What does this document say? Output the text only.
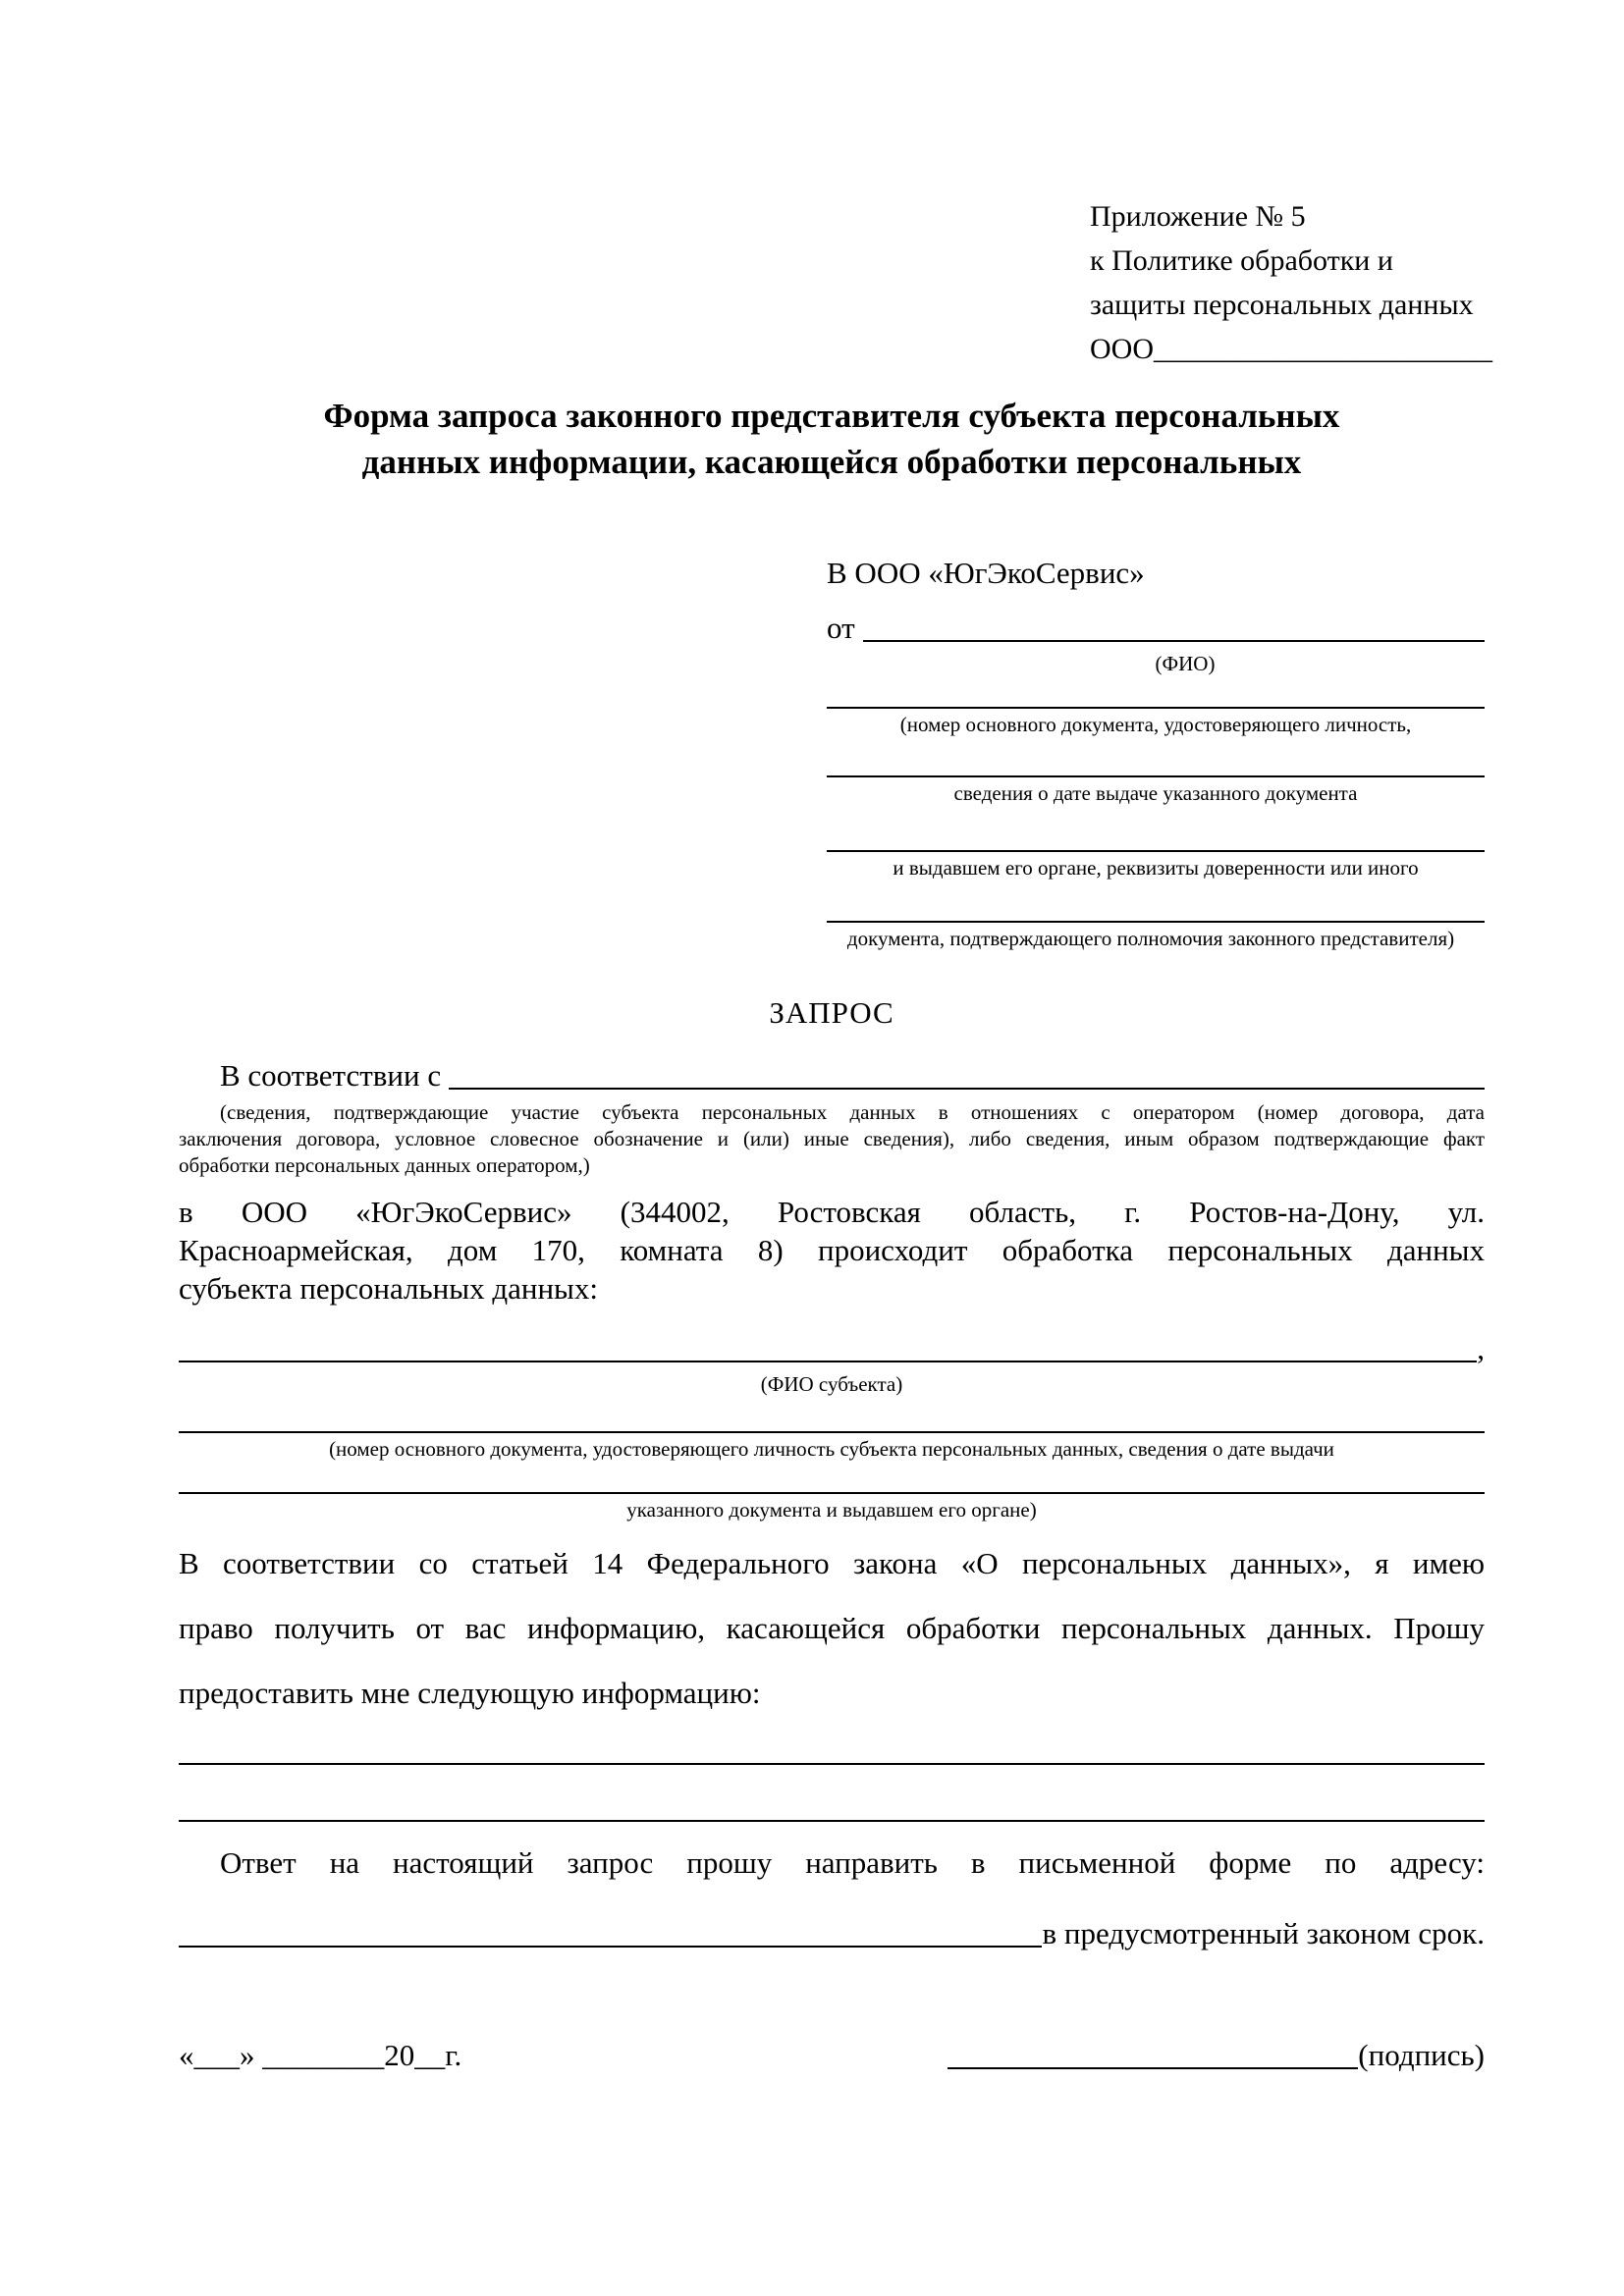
Приложение № 5
к Политике обработки и
защиты персональных данных
ООО_______________________
Форма запроса законного представителя субъекта персональных
данных информации, касающейся обработки персональных
В ООО «ЮгЭкоСервис»
от
(ФИО)
(номер основного документа, удостоверяющего личность,
сведения о дате выдаче указанного документа
и выдавшем его органе, реквизиты доверенности или иного
документа, подтверждающего полномочия законного представителя)
ЗАПРОС
В соответствии с
(сведения, подтверждающие участие субъекта персональных данных в отношениях с оператором (номер договора, дата
заключения договора, условное словесное обозначение и (или) иные сведения), либо сведения, иным образом подтверждающие факт
обработки персональных данных оператором,)
в ООО «ЮгЭкоСервис» (344002, Ростовская область, г. Ростов-на-Дону, ул.
Красноармейская, дом 170, комната 8) происходит обработка персональных данных
субъекта персональных данных:
,
(ФИО субъекта)
(номер основного документа, удостоверяющего личность субъекта персональных данных, сведения о дате выдачи
указанного документа и выдавшем его органе)
В соответствии со статьей 14 Федерального закона «О персональных данных», я имею
право получить от вас информацию, касающейся обработки персональных данных. Прошу
предоставить мне следующую информацию:
Ответ на настоящий запрос прошу направить в письменной форме по адресу:
в предусмотренный законом срок.
«___» ________20__г.	(подпись)
